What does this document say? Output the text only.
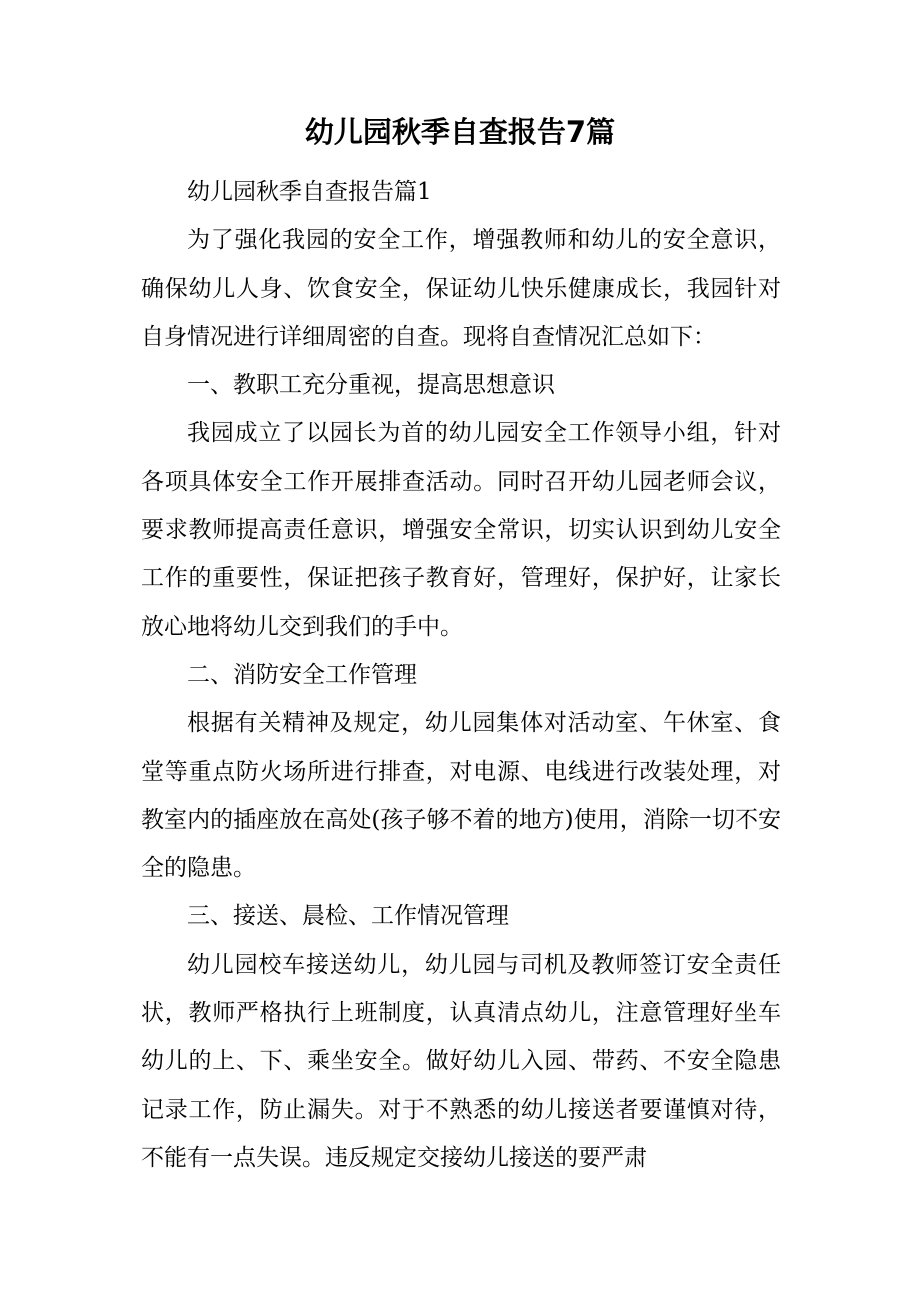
幼儿园秋季自查报告7篇

幼儿园秋季自查报告篇1

为了强化我园的安全工作，增强教师和幼儿的安全意识，确保幼儿人身、饮食安全，保证幼儿快乐健康成长，我园针对自身情况进行详细周密的自查。现将自查情况汇总如下：

一、教职工充分重视，提高思想意识

我园成立了以园长为首的幼儿园安全工作领导小组，针对各项具体安全工作开展排查活动。同时召开幼儿园老师会议，要求教师提高责任意识，增强安全常识，切实认识到幼儿安全工作的重要性，保证把孩子教育好，管理好，保护好，让家长放心地将幼儿交到我们的手中。

二、消防安全工作管理

根据有关精神及规定，幼儿园集体对活动室、午休室、食堂等重点防火场所进行排查，对电源、电线进行改装处理，对教室内的插座放在高处(孩子够不着的地方)使用，消除一切不安全的隐患。

三、接送、晨检、工作情况管理

幼儿园校车接送幼儿，幼儿园与司机及教师签订安全责任状，教师严格执行上班制度，认真清点幼儿，注意管理好坐车幼儿的上、下、乘坐安全。做好幼儿入园、带药、不安全隐患记录工作，防止漏失。对于不熟悉的幼儿接送者要谨慎对待，不能有一点失误。违反规定交接幼儿接送的要严肃
